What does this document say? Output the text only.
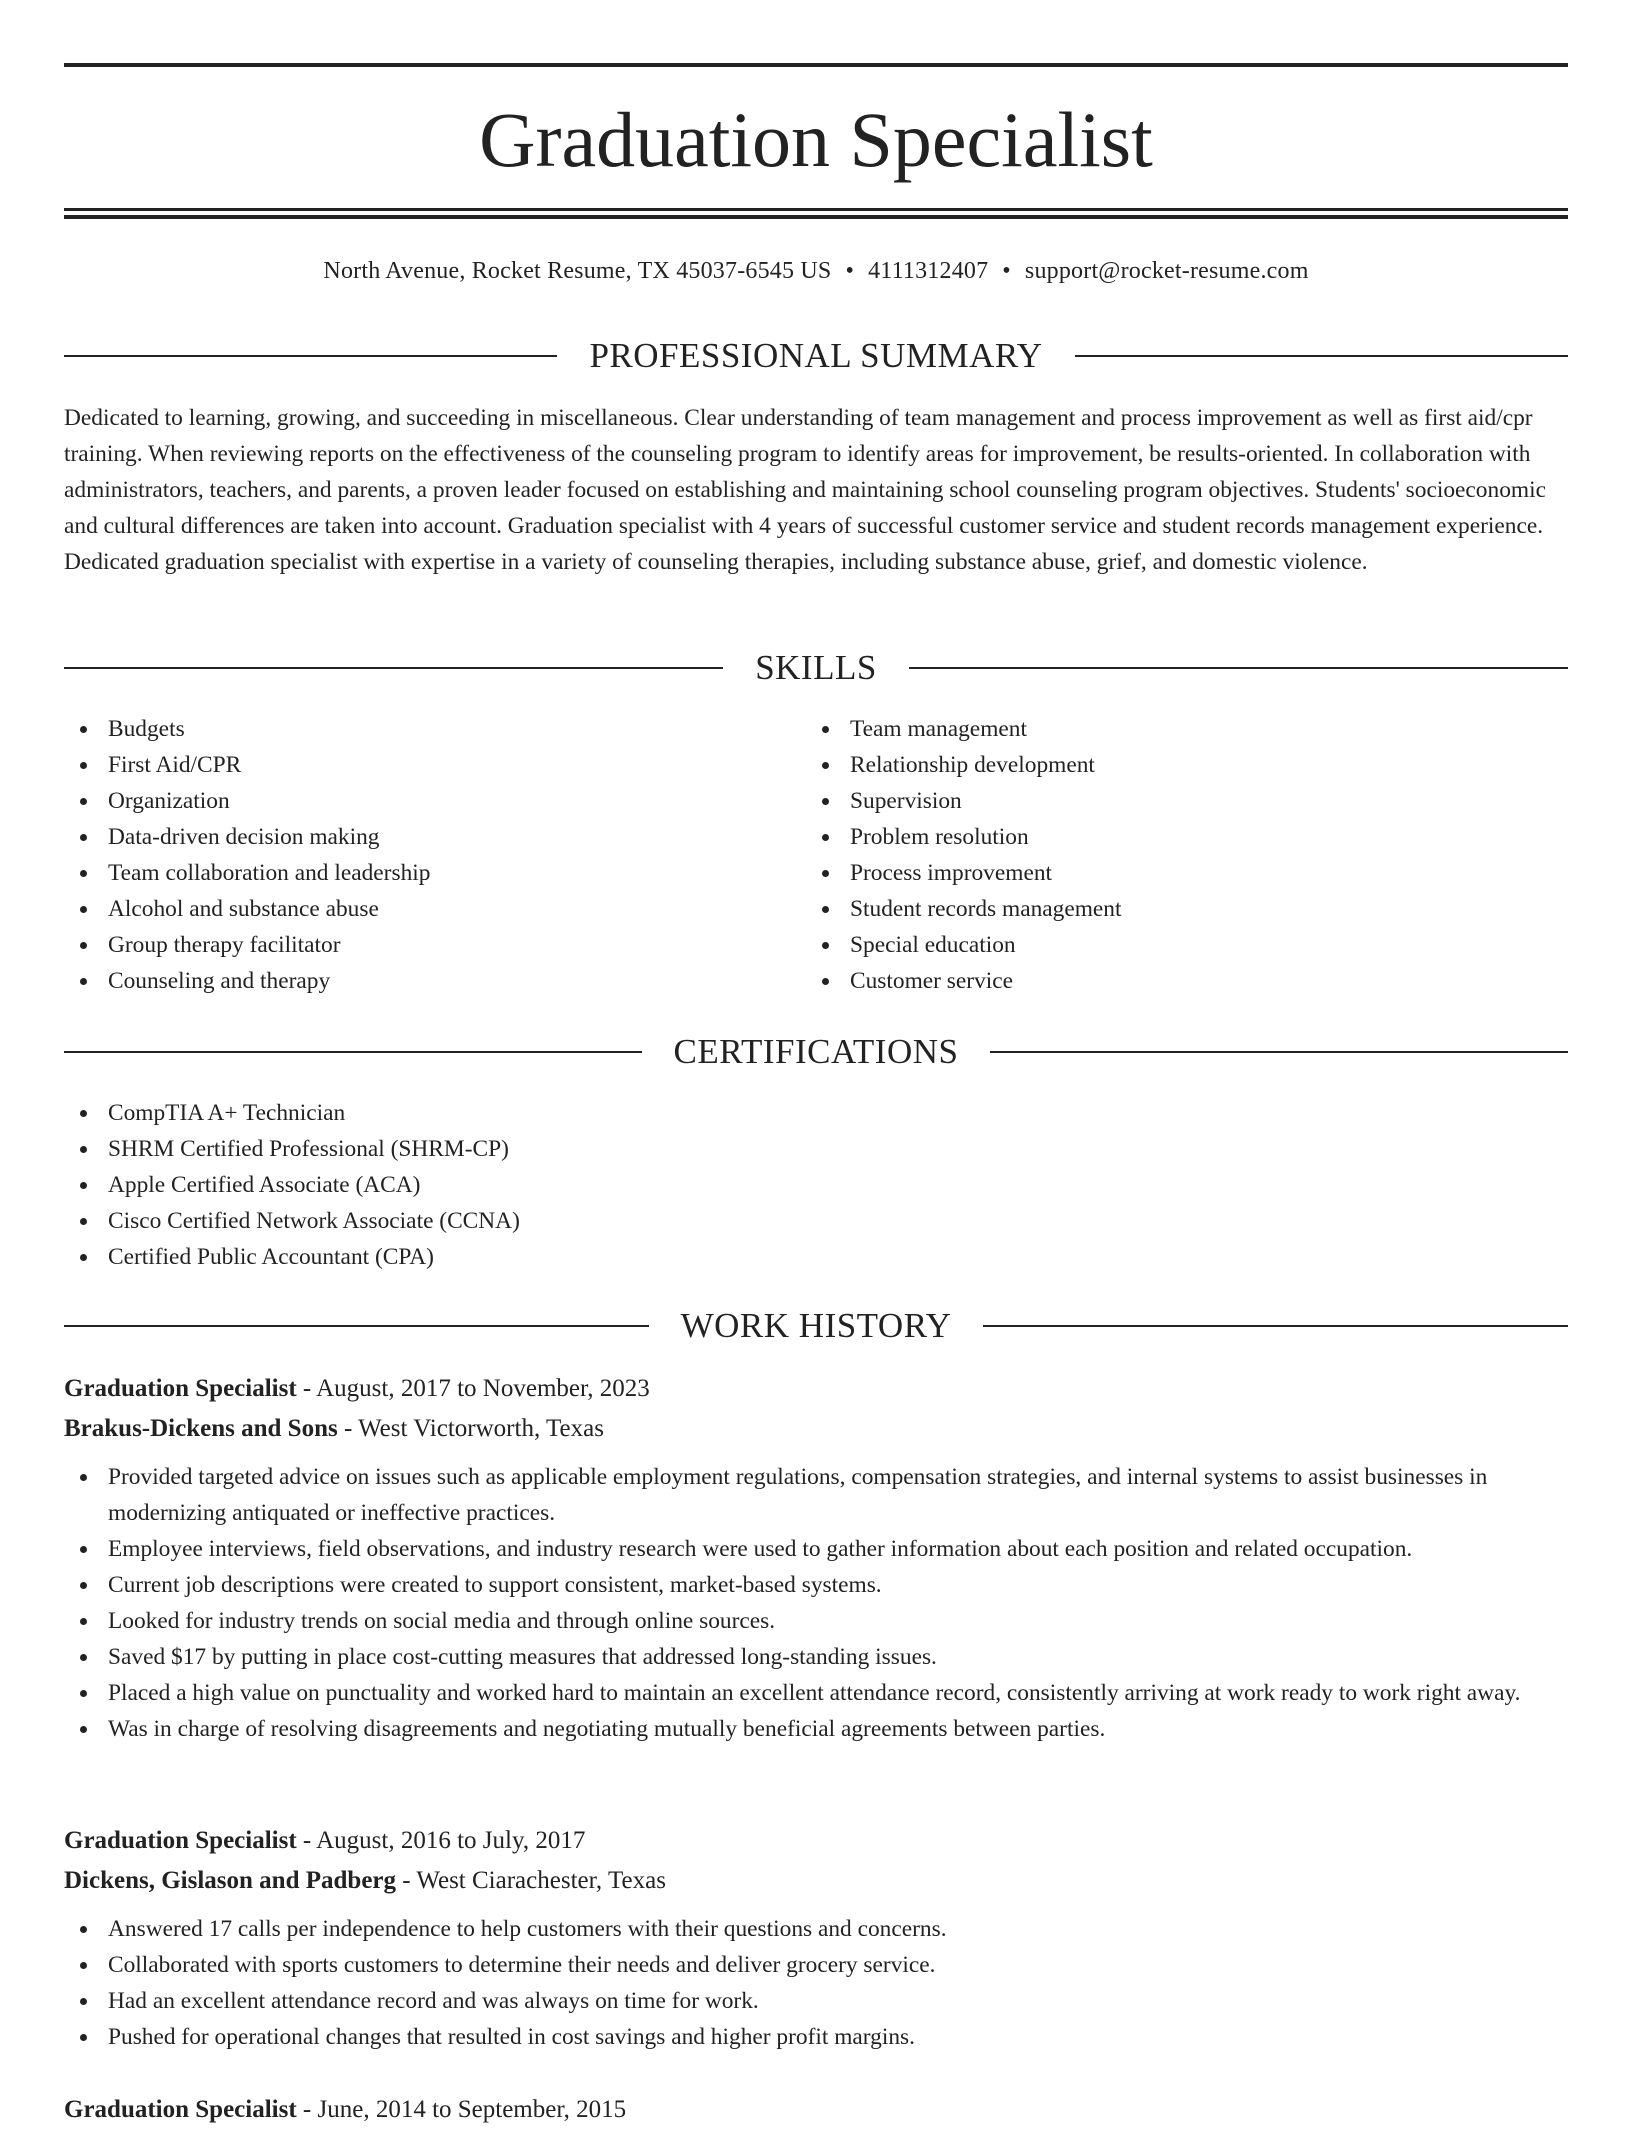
Graduation Specialist
North Avenue, Rocket Resume, TX 45037-6545 US • 4111312407 • support@rocket-resume.com
PROFESSIONAL SUMMARY

Dedicated to learning, growing, and succeeding in miscellaneous. Clear understanding of team management and process improvement as well as first aid/cpr training. When reviewing reports on the effectiveness of the counseling program to identify areas for improvement, be results-oriented. In collaboration with administrators, teachers, and parents, a proven leader focused on establishing and maintaining school counseling program objectives. Students' socioeconomic and cultural differences are taken into account. Graduation specialist with 4 years of successful customer service and student records management experience. Dedicated graduation specialist with expertise in a variety of counseling therapies, including substance abuse, grief, and domestic violence.

SKILLS
Budgets
First Aid/CPR
Organization
Data-driven decision making
Team collaboration and leadership
Alcohol and substance abuse
Group therapy facilitator
Counseling and therapy
Team management
Relationship development
Supervision
Problem resolution
Process improvement
Student records management
Special education
Customer service
CERTIFICATIONS
CompTIA A+ Technician
SHRM Certified Professional (SHRM-CP)
Apple Certified Associate (ACA)
Cisco Certified Network Associate (CCNA)
Certified Public Accountant (CPA)
WORK HISTORY
Graduation Specialist - August, 2017 to November, 2023
Brakus-Dickens and Sons - West Victorworth, Texas
Provided targeted advice on issues such as applicable employment regulations, compensation strategies, and internal systems to assist businesses in modernizing antiquated or ineffective practices.
Employee interviews, field observations, and industry research were used to gather information about each position and related occupation.
Current job descriptions were created to support consistent, market-based systems.
Looked for industry trends on social media and through online sources.
Saved $17 by putting in place cost-cutting measures that addressed long-standing issues.
Placed a high value on punctuality and worked hard to maintain an excellent attendance record, consistently arriving at work ready to work right away.
Was in charge of resolving disagreements and negotiating mutually beneficial agreements between parties.
Graduation Specialist - August, 2016 to July, 2017
Dickens, Gislason and Padberg - West Ciarachester, Texas
Answered 17 calls per independence to help customers with their questions and concerns.
Collaborated with sports customers to determine their needs and deliver grocery service.
Had an excellent attendance record and was always on time for work.
Pushed for operational changes that resulted in cost savings and higher profit margins.
Graduation Specialist - June, 2014 to September, 2015
